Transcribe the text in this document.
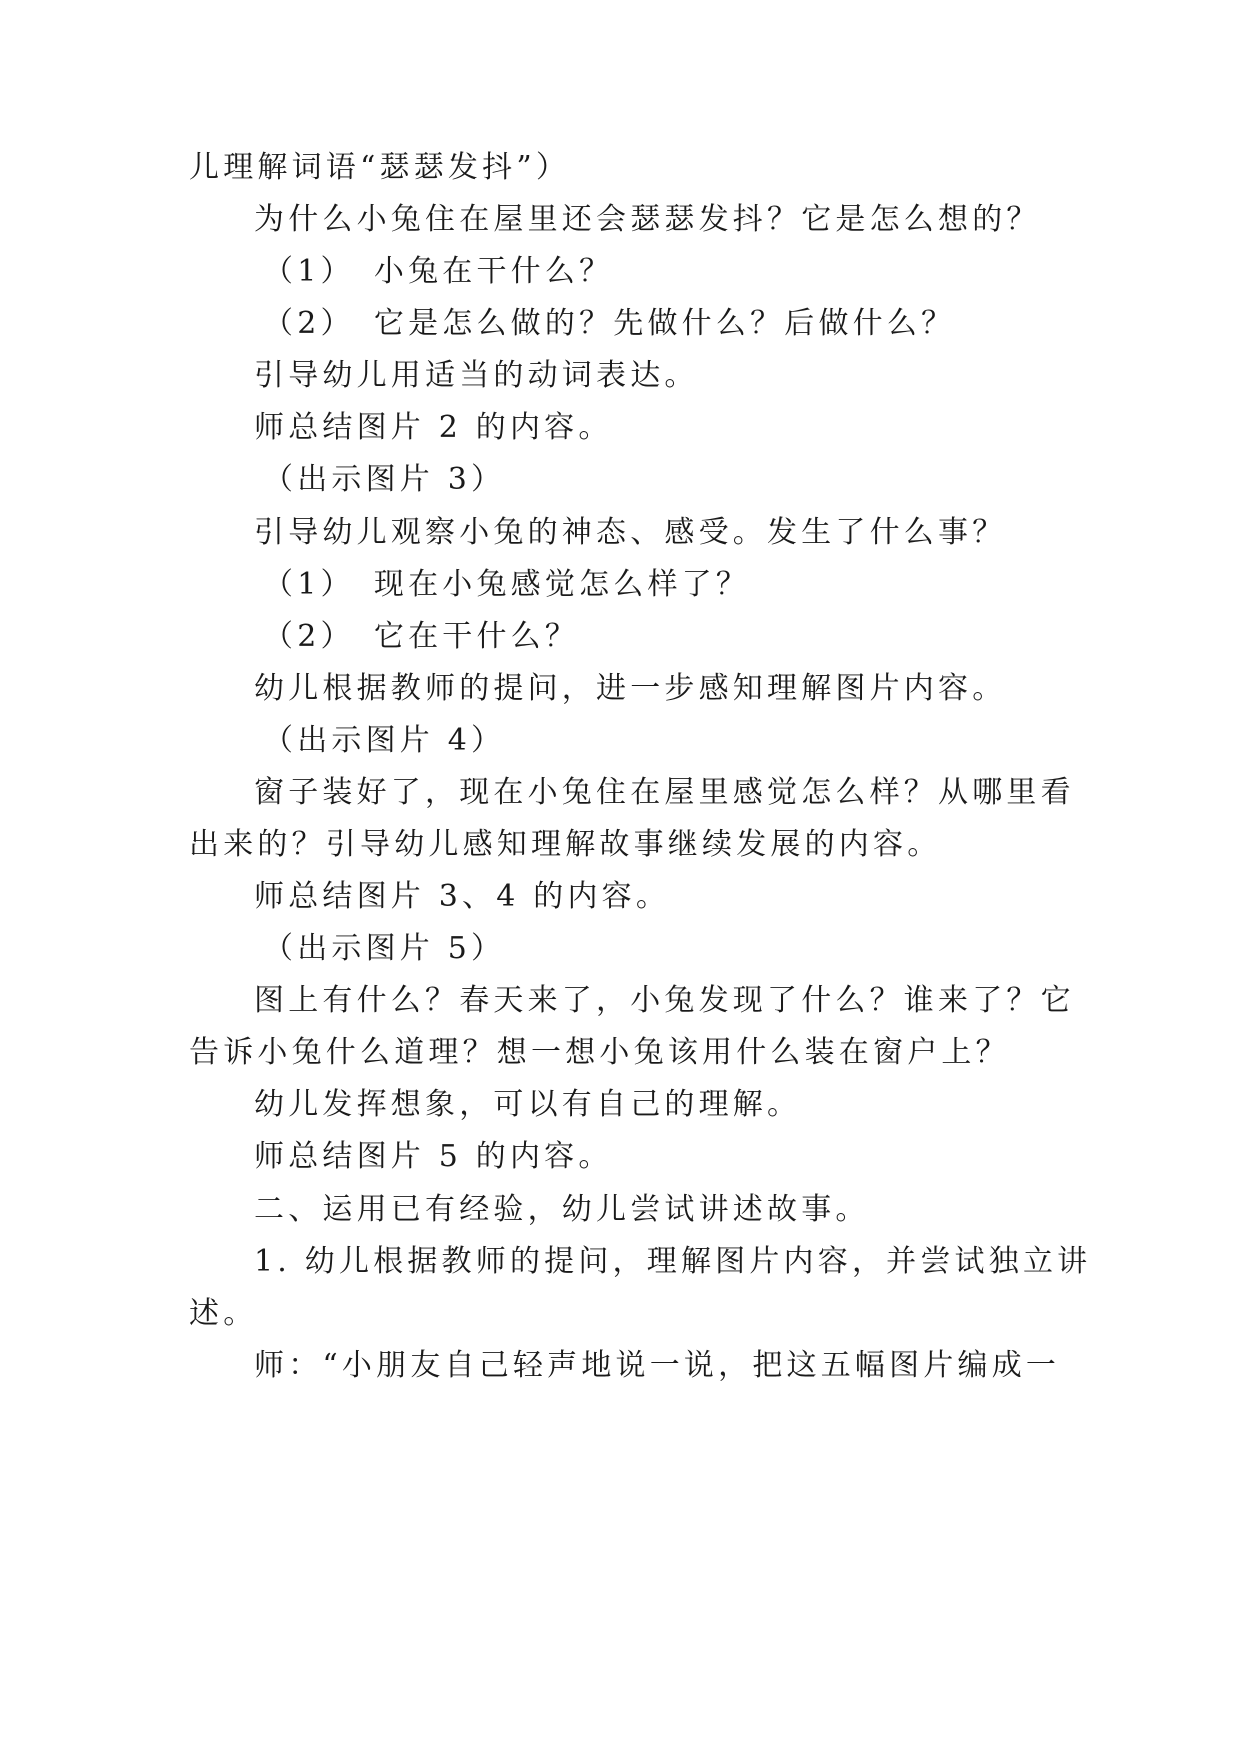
儿理解词语“瑟瑟发抖”）
为什么小兔住在屋里还会瑟瑟发抖？它是怎么想的？
（1）　小兔在干什么？
（2）　它是怎么做的？先做什么？后做什么？
引导幼儿用适当的动词表达。
师总结图片 2 的内容。
（出示图片 3）
引导幼儿观察小兔的神态、感受。发生了什么事？
（1）　现在小兔感觉怎么样了？
（2）　它在干什么？
幼儿根据教师的提问，进一步感知理解图片内容。
（出示图片 4）
窗子装好了，现在小兔住在屋里感觉怎么样？从哪里看
出来的？引导幼儿感知理解故事继续发展的内容。
师总结图片 3、4 的内容。
（出示图片 5）
图上有什么？春天来了，小兔发现了什么？谁来了？它
告诉小兔什么道理？想一想小兔该用什么装在窗户上？
幼儿发挥想象，可以有自己的理解。
师总结图片 5 的内容。
二、运用已有经验，幼儿尝试讲述故事。
1. 幼儿根据教师的提问，理解图片内容，并尝试独立讲
述。
师：“小朋友自己轻声地说一说，把这五幅图片编成一
